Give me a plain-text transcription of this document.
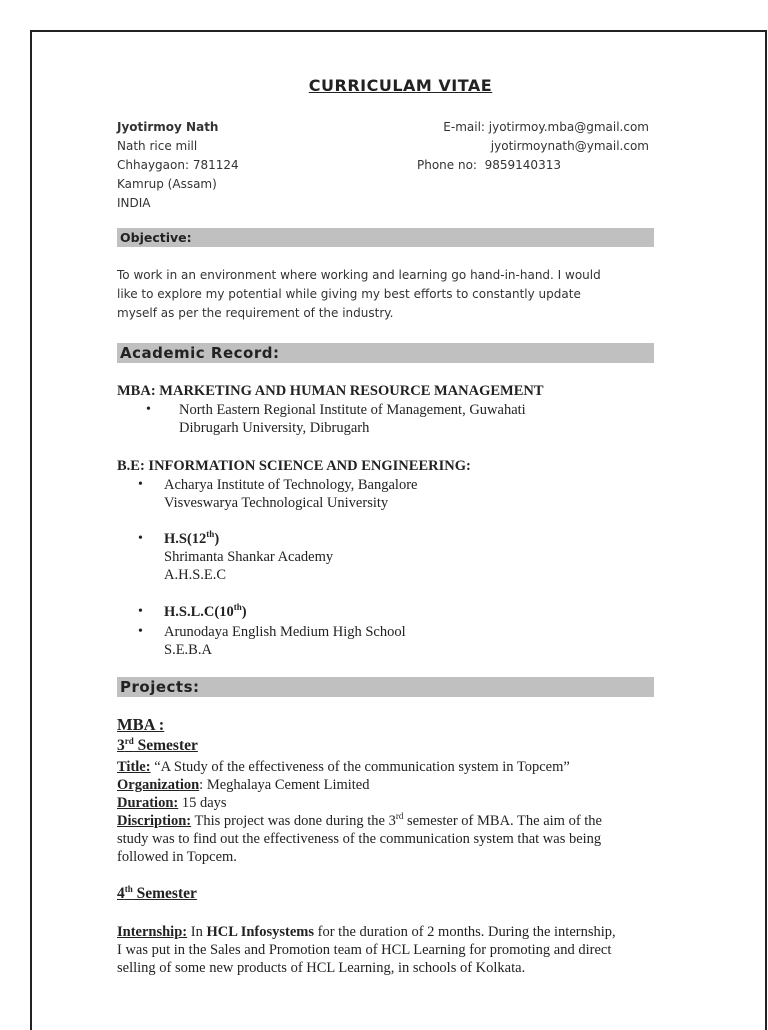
CURRICULAM VITAE
Jyotirmoy Nath
Nath rice mill
Chhaygaon: 781124
Kamrup (Assam)
INDIA
E-mail: jyotirmoy.mba@gmail.com
jyotirmoynath@ymail.com
Phone no: 9859140313
Objective:
To work in an environment where working and learning go hand-in-hand. I would
like to explore my potential while giving my best efforts to constantly update
myself as per the requirement of the industry.
Academic Record:
MBA: MARKETING AND HUMAN RESOURCE MANAGEMENT
• North Eastern Regional Institute of Management, Guwahati
Dibrugarh University, Dibrugarh
B.E: INFORMATION SCIENCE AND ENGINEERING:
• Acharya Institute of Technology, Bangalore
Visveswarya Technological University
• H.S(12th)
Shrimanta Shankar Academy
A.H.S.E.C
• H.S.L.C(10th)
• Arunodaya English Medium High School
S.E.B.A
Projects:
MBA :
3rd Semester
Title: “A Study of the effectiveness of the communication system in Topcem”
Organization: Meghalaya Cement Limited
Duration: 15 days
Discription: This project was done during the 3rd semester of MBA. The aim of the
study was to find out the effectiveness of the communication system that was being
followed in Topcem.
4th Semester
Internship: In HCL Infosystems for the duration of 2 months. During the internship,
I was put in the Sales and Promotion team of HCL Learning for promoting and direct
selling of some new products of HCL Learning, in schools of Kolkata.
